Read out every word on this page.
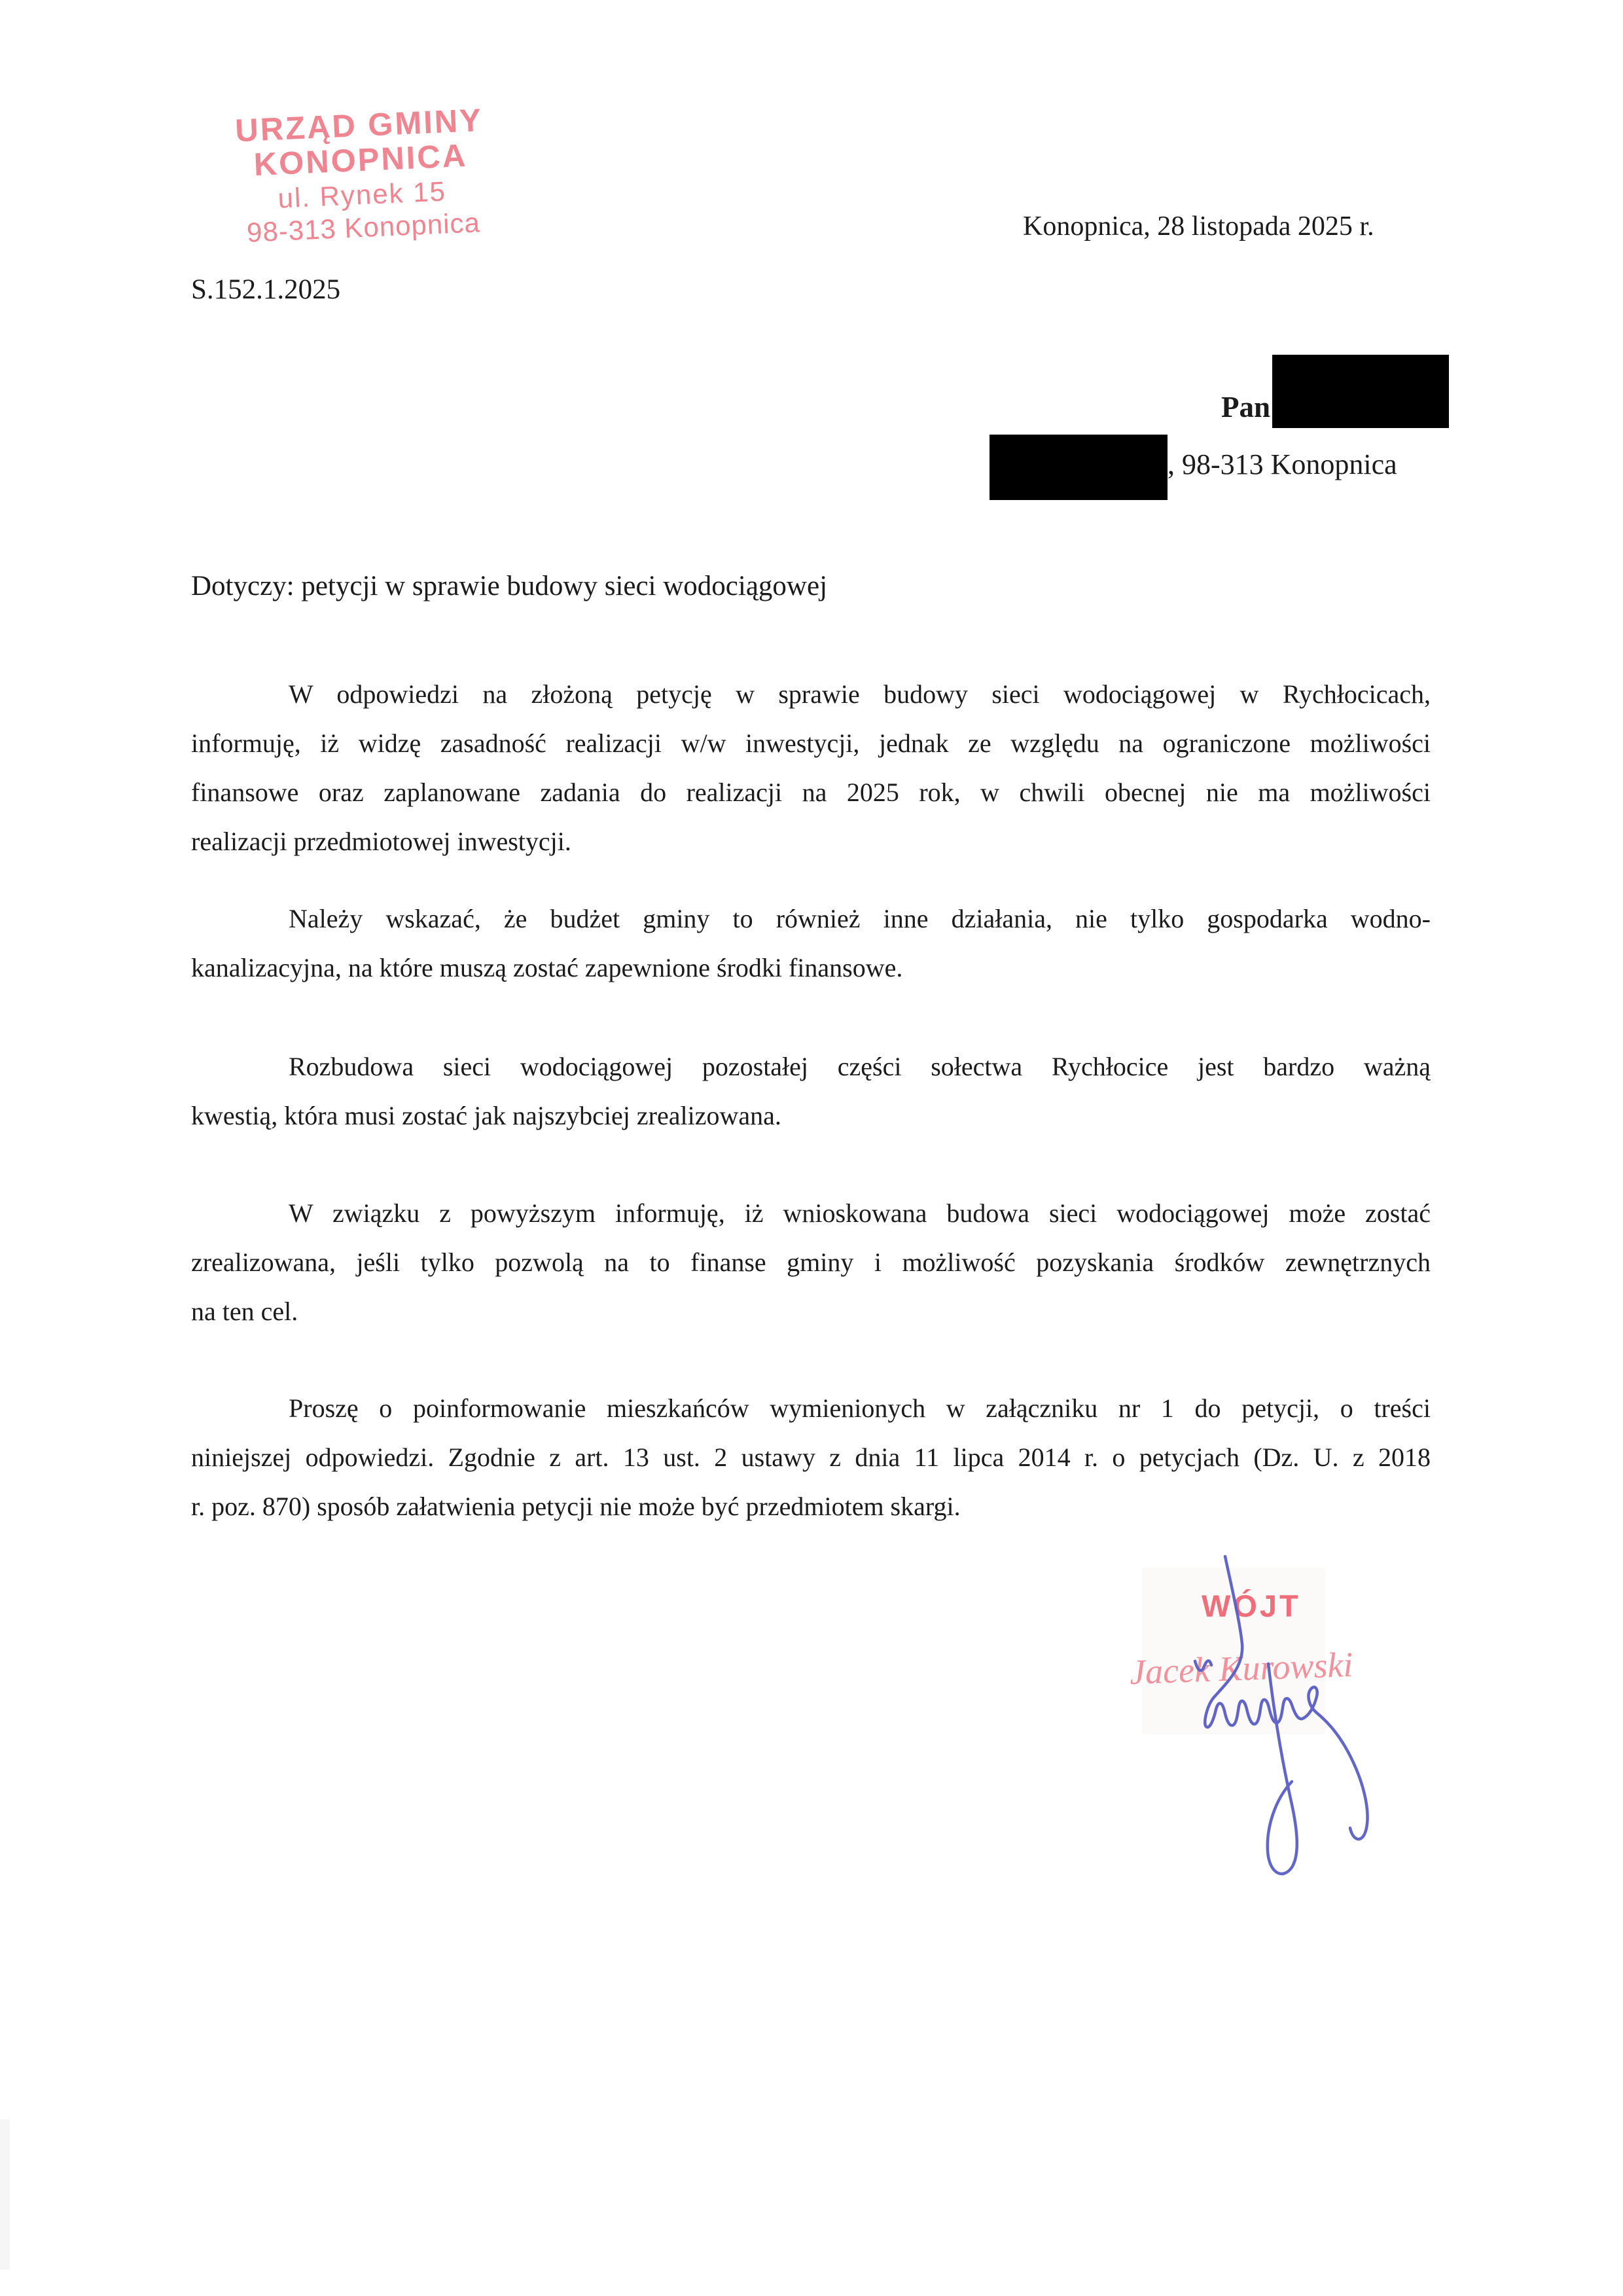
URZĄD GMINY
KONOPNICA
ul. Rynek 15
98-313 Konopnica
S.152.1.2025
Konopnica, 28 listopada 2025 r.
Pan
, 98-313 Konopnica
Dotyczy: petycji w sprawie budowy sieci wodociągowej
W odpowiedzi na złożoną petycję w sprawie budowy sieci wodociągowej w Rychłocicach,
informuję, iż widzę zasadność realizacji w/w inwestycji, jednak ze względu na ograniczone możliwości
finansowe oraz zaplanowane zadania do realizacji na 2025 rok, w chwili obecnej nie ma możliwości
realizacji przedmiotowej inwestycji.
Należy wskazać, że budżet gminy to również inne działania, nie tylko gospodarka wodno-
kanalizacyjna, na które muszą zostać zapewnione środki finansowe.
Rozbudowa sieci wodociągowej pozostałej części sołectwa Rychłocice jest bardzo ważną
kwestią, która musi zostać jak najszybciej zrealizowana.
W związku z powyższym informuję, iż wnioskowana budowa sieci wodociągowej może zostać
zrealizowana, jeśli tylko pozwolą na to finanse gminy i możliwość pozyskania środków zewnętrznych
na ten cel.
Proszę o poinformowanie mieszkańców wymienionych w załączniku nr 1 do petycji, o treści
niniejszej odpowiedzi. Zgodnie z art. 13 ust. 2 ustawy z dnia 11 lipca 2014 r. o petycjach (Dz. U. z 2018
r. poz. 870) sposób załatwienia petycji nie może być przedmiotem skargi.
WÓJT
Jacek Kurowski
